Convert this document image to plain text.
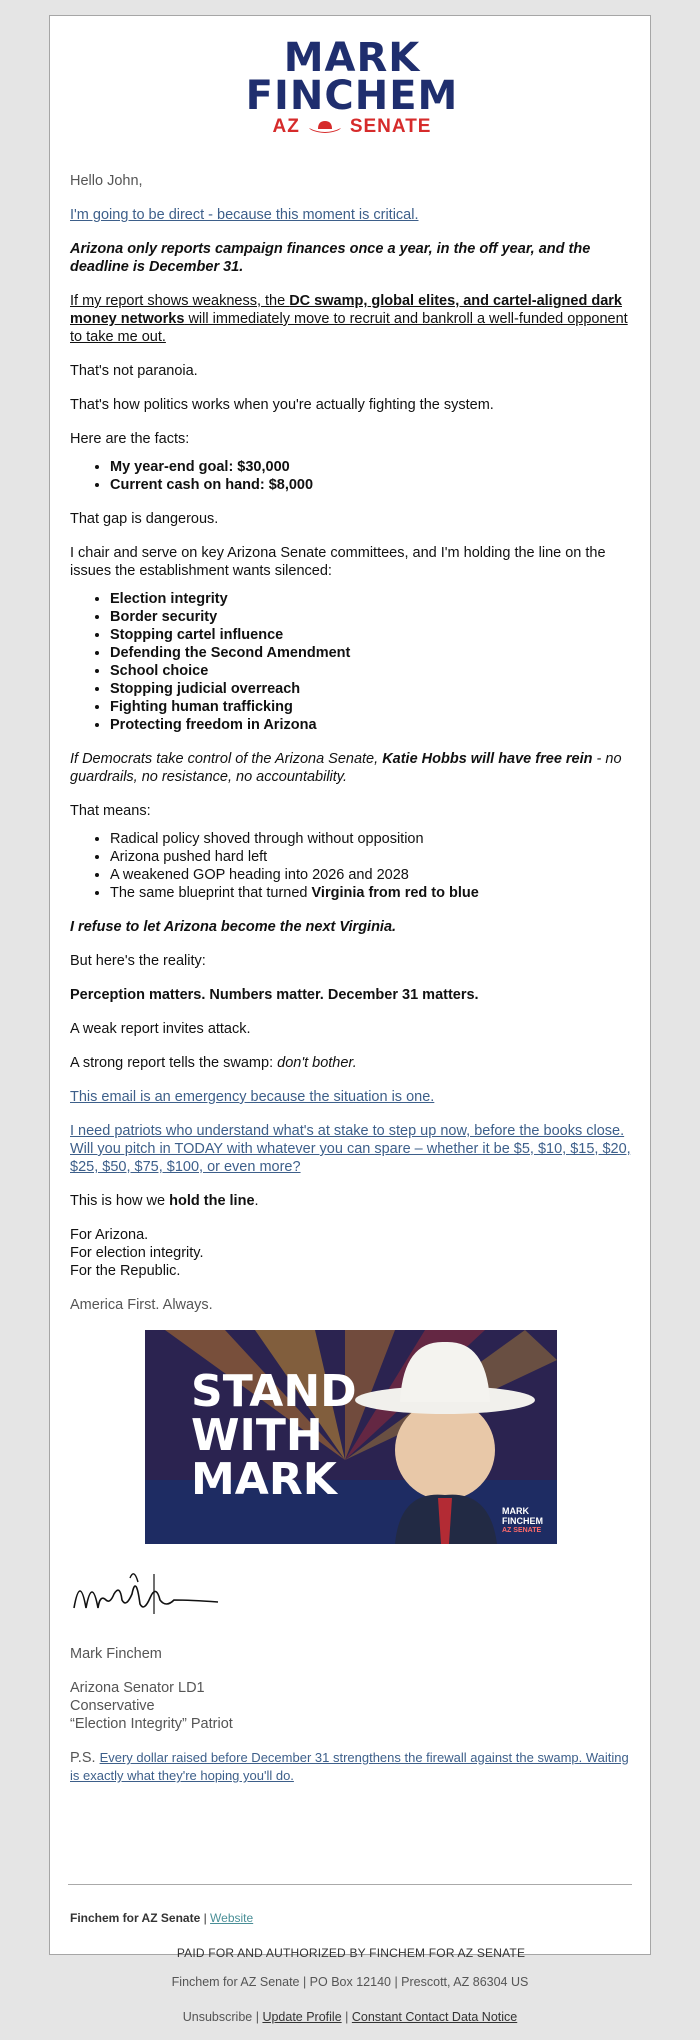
MARK
FINCHEM
AZ	SENATE

Hello John,

I'm going to be direct - because this moment is critical.

Arizona only reports campaign finances once a year, in the off year, and the deadline is December 31.

If my report shows weakness, the DC swamp, global elites, and cartel-aligned dark money networks will immediately move to recruit and bankroll a well-funded opponent to take me out.

That's not paranoia.

That's how politics works when you're actually fighting the system.

Here are the facts:

• My year-end goal: $30,000
• Current cash on hand: $8,000

That gap is dangerous.

I chair and serve on key Arizona Senate committees, and I'm holding the line on the issues the establishment wants silenced:

• Election integrity
• Border security
• Stopping cartel influence
• Defending the Second Amendment
• School choice
• Stopping judicial overreach
• Fighting human trafficking
• Protecting freedom in Arizona

If Democrats take control of the Arizona Senate, Katie Hobbs will have free rein - no guardrails, no resistance, no accountability.

That means:

• Radical policy shoved through without opposition
• Arizona pushed hard left
• A weakened GOP heading into 2026 and 2028
• The same blueprint that turned Virginia from red to blue

I refuse to let Arizona become the next Virginia.

But here's the reality:

Perception matters. Numbers matter. December 31 matters.

A weak report invites attack.

A strong report tells the swamp: don't bother.

This email is an emergency because the situation is one.

I need patriots who understand what's at stake to step up now, before the books close. Will you pitch in TODAY with whatever you can spare – whether it be $5, $10, $15, $20, $25, $50, $75, $100, or even more?

This is how we hold the line.

For Arizona.
For election integrity.
For the Republic.

America First. Always.

STAND
WITH
MARK
MARK
FINCHEM
AZ SENATE

Mark Finchem

Arizona Senator LD1
Conservative
“Election Integrity” Patriot

P.S. Every dollar raised before December 31 strengthens the firewall against the swamp. Waiting is exactly what they're hoping you'll do.

Finchem for AZ Senate | Website
PAID FOR AND AUTHORIZED BY FINCHEM FOR AZ SENATE
Finchem for AZ Senate | PO Box 12140 | Prescott, AZ 86304 US
Unsubscribe | Update Profile | Constant Contact Data Notice
